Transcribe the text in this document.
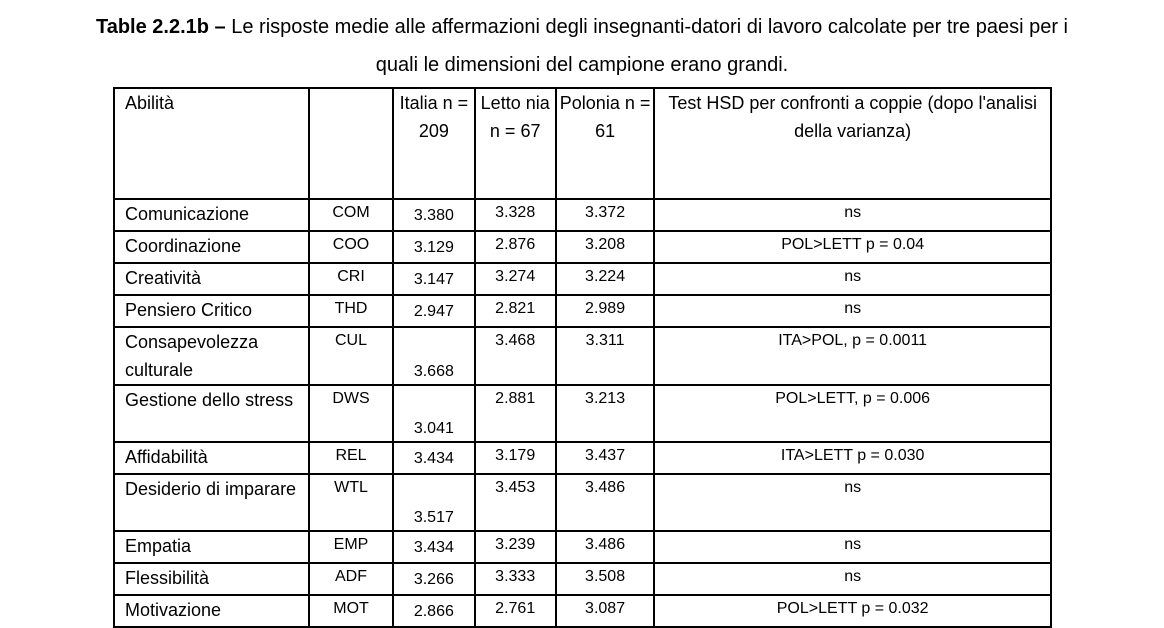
Table 2.2.1b – Le risposte medie alle affermazioni degli insegnanti-datori di lavoro calcolate per tre paesi per i
quali le dimensioni del campione erano grandi.
Abilità		Italia n = 209	Letto nia n = 67	Polonia n = 61	Test HSD per confronti a coppie (dopo l'analisi della varianza)
Comunicazione	COM	3.380	3.328	3.372	ns
Coordinazione	COO	3.129	2.876	3.208	POL>LETT p = 0.04
Creatività	CRI	3.147	3.274	3.224	ns
Pensiero Critico	THD	2.947	2.821	2.989	ns
Consapevolezza culturale	CUL	3.668	3.468	3.311	ITA>POL, p = 0.0011
Gestione dello stress	DWS	3.041	2.881	3.213	POL>LETT, p = 0.006
Affidabilità	REL	3.434	3.179	3.437	ITA>LETT p = 0.030
Desiderio di imparare	WTL	3.517	3.453	3.486	ns
Empatia	EMP	3.434	3.239	3.486	ns
Flessibilità	ADF	3.266	3.333	3.508	ns
Motivazione	MOT	2.866	2.761	3.087	POL>LETT p = 0.032
